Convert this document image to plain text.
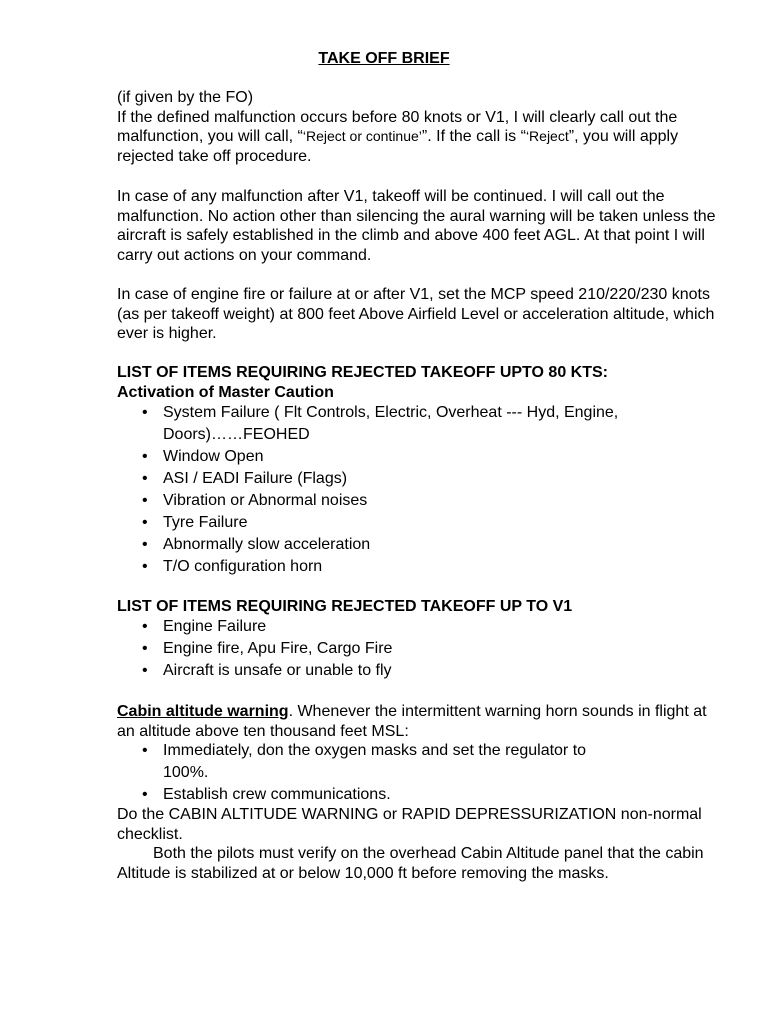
TAKE OFF BRIEF
(if given by the FO)
If the defined malfunction occurs before 80 knots or V1, I will clearly call out the malfunction, you will call, “‘Reject or continue’”. If the call is “‘Reject”, you will apply rejected take off procedure.
In case of any malfunction after V1, takeoff will be continued. I will call out the malfunction. No action other than silencing the aural warning will be taken unless the aircraft is safely established in the climb and above 400 feet AGL. At that point I will carry out actions on your command.
In case of engine fire or failure at or after V1, set the MCP speed 210/220/230 knots (as per takeoff weight) at 800 feet Above Airfield Level or acceleration altitude, which ever is higher.
LIST OF ITEMS REQUIRING REJECTED TAKEOFF UPTO 80 KTS:
Activation of Master Caution
• System Failure ( Flt Controls, Electric, Overheat --- Hyd, Engine,
Doors)……FEOHED
• Window Open
• ASI / EADI Failure (Flags)
• Vibration or Abnormal noises
• Tyre Failure
• Abnormally slow acceleration
• T/O configuration horn
LIST OF ITEMS REQUIRING REJECTED TAKEOFF UP TO V1
• Engine Failure
• Engine fire, Apu Fire, Cargo Fire
• Aircraft is unsafe or unable to fly
Cabin altitude warning. Whenever the intermittent warning horn sounds in flight at an altitude above ten thousand feet MSL:
• Immediately, don the oxygen masks and set the regulator to
100%.
• Establish crew communications.
Do the CABIN ALTITUDE WARNING or RAPID DEPRESSURIZATION non-normal checklist.
Both the pilots must verify on the overhead Cabin Altitude panel that the cabin Altitude is stabilized at or below 10,000 ft before removing the masks.
